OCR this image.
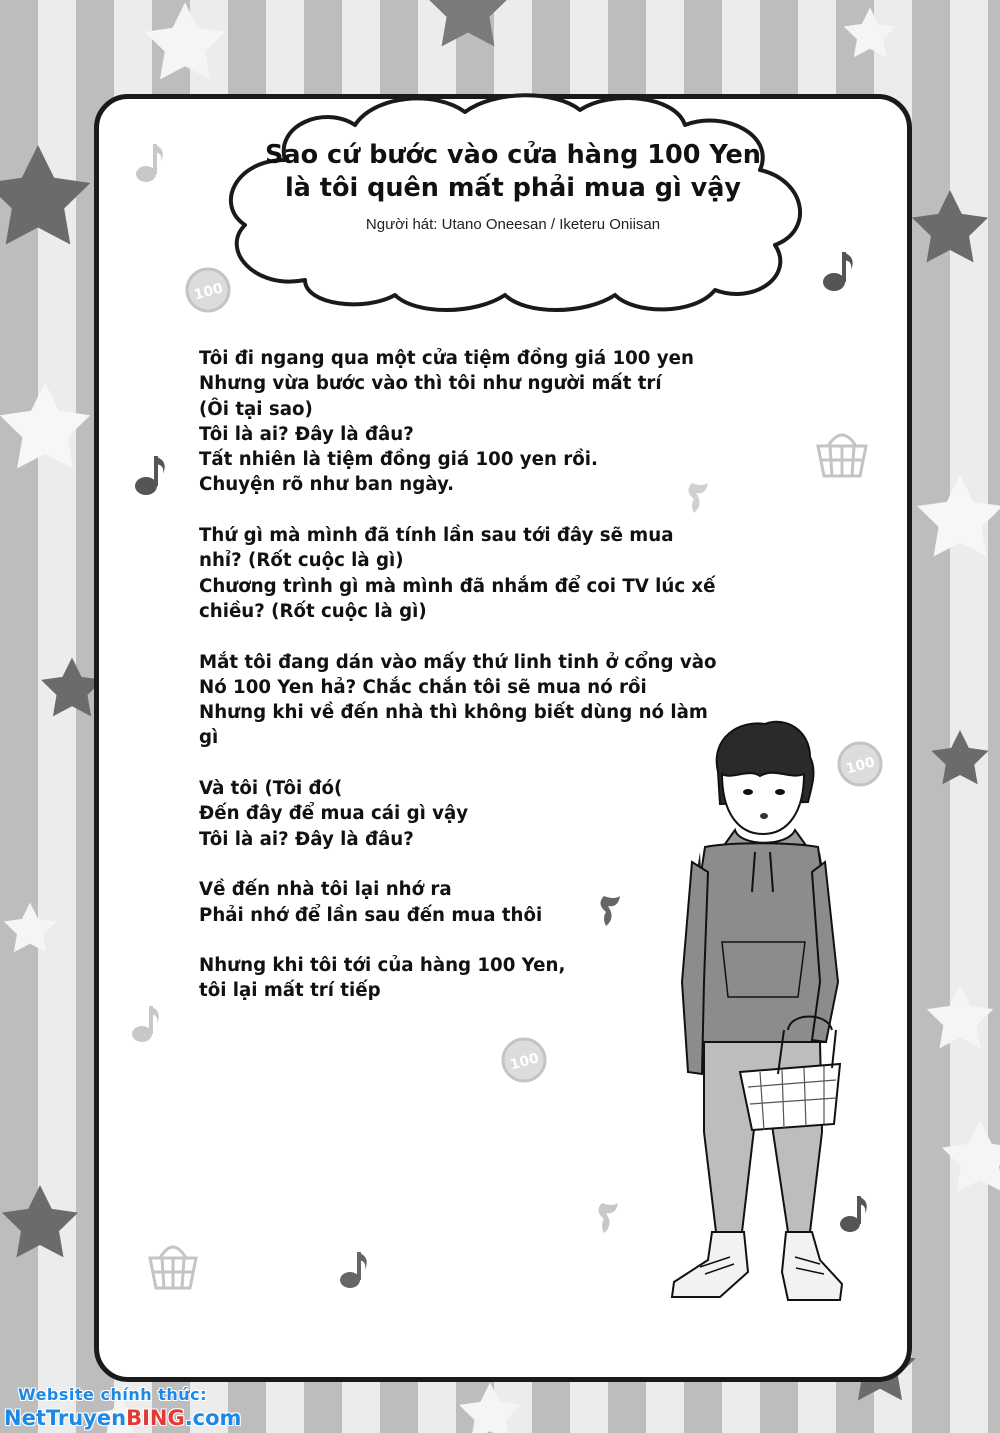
100
100
100
Sao cứ bước vào cửa hàng 100 Yen
là tôi quên mất phải mua gì vậy
Người hát: Utano Oneesan / Iketeru Oniisan
Tôi đi ngang qua một cửa tiệm đồng giá 100 yen
Nhưng vừa bước vào thì tôi như người mất trí
(Ôi tại sao)
Tôi là ai? Đây là đâu?
Tất nhiên là tiệm đồng giá 100 yen rồi.
Chuyện rõ như ban ngày.
Thứ gì mà mình đã tính lần sau tới đây sẽ mua
nhỉ? (Rốt cuộc là gì)
Chương trình gì mà mình đã nhắm để coi TV lúc xế
chiều? (Rốt cuộc là gì)
Mắt tôi đang dán vào mấy thứ linh tinh ở cổng vào
Nó 100 Yen hả? Chắc chắn tôi sẽ mua nó rồi
Nhưng khi về đến nhà thì không biết dùng nó làm
gì
Và tôi (Tôi đó(
Đến đây để mua cái gì vậy
Tôi là ai? Đây là đâu?
Về đến nhà tôi lại nhớ ra
Phải nhớ để lần sau đến mua thôi
Nhưng khi tôi tới của hàng 100 Yen,
tôi lại mất trí tiếp
Website chính thức:
NetTruyenBING.com
